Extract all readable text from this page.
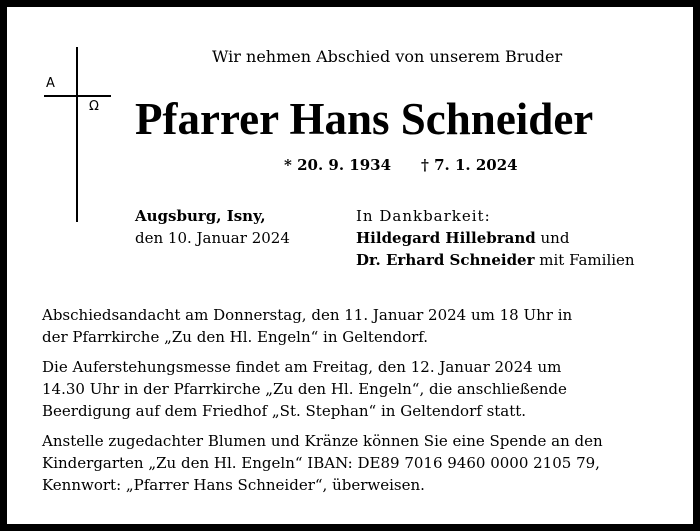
A
Ω
Wir nehmen Abschied von unserem Bruder
Pfarrer Hans Schneider
* 20. 9. 1934 † 7. 1. 2024
Augsburg, Isny,
den 10. Januar 2024
In Dankbarkeit:
Hildegard Hillebrand und
Dr. Erhard Schneider mit Familien

Abschiedsandacht am Donnerstag, den 11. Januar 2024 um 18 Uhr in
der Pfarrkirche „Zu den Hl. Engeln“ in Geltendorf.

Die Auferstehungsmesse findet am Freitag, den 12. Januar 2024 um
14.30 Uhr in der Pfarrkirche „Zu den Hl. Engeln“, die anschließende
Beerdigung auf dem Friedhof „St. Stephan“ in Geltendorf statt.

Anstelle zugedachter Blumen und Kränze können Sie eine Spende an den
Kindergarten „Zu den Hl. Engeln“ IBAN: DE89 7016 9460 0000 2105 79,
Kennwort: „Pfarrer Hans Schneider“, überweisen.
